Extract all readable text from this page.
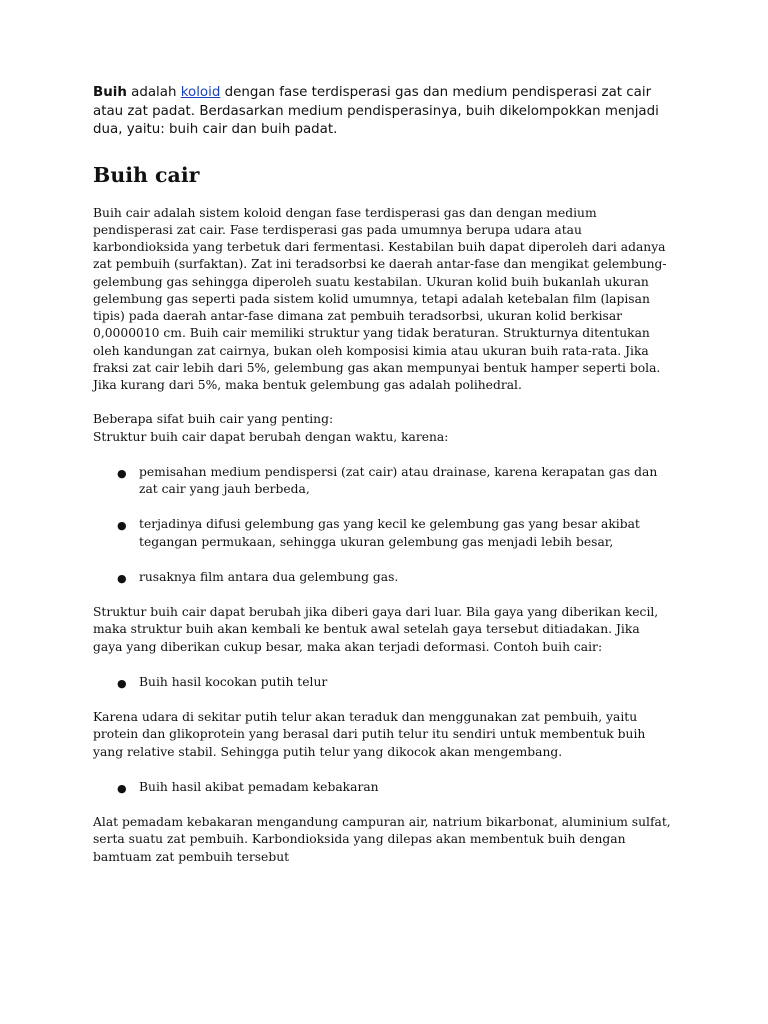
Buih adalah koloid dengan fase terdisperasi gas dan medium pendisperasi zat cair atau zat padat. Berdasarkan medium pendisperasinya, buih dikelompokkan menjadi dua, yaitu: buih cair dan buih padat.

Buih cair

Buih cair adalah sistem koloid dengan fase terdisperasi gas dan dengan medium pendisperasi zat cair. Fase terdisperasi gas pada umumnya berupa udara atau karbondioksida yang terbetuk dari fermentasi. Kestabilan buih dapat diperoleh dari adanya zat pembuih (surfaktan). Zat ini teradsorbsi ke daerah antar-fase dan mengikat gelembung-gelembung gas sehingga diperoleh suatu kestabilan. Ukuran kolid buih bukanlah ukuran gelembung gas seperti pada sistem kolid umumnya, tetapi adalah ketebalan film (lapisan tipis) pada daerah antar-fase dimana zat pembuih teradsorbsi, ukuran kolid berkisar 0,0000010 cm. Buih cair memiliki struktur yang tidak beraturan. Strukturnya ditentukan oleh kandungan zat cairnya, bukan oleh komposisi kimia atau ukuran buih rata-rata. Jika fraksi zat cair lebih dari 5%, gelembung gas akan mempunyai bentuk hamper seperti bola. Jika kurang dari 5%, maka bentuk gelembung gas adalah polihedral.

Beberapa sifat buih cair yang penting:

Struktur buih cair dapat berubah dengan waktu, karena:

● pemisahan medium pendispersi (zat cair) atau drainase, karena kerapatan gas dan zat cair yang jauh berbeda,
● terjadinya difusi gelembung gas yang kecil ke gelembung gas yang besar akibat tegangan permukaan, sehingga ukuran gelembung gas menjadi lebih besar,
● rusaknya film antara dua gelembung gas.

Struktur buih cair dapat berubah jika diberi gaya dari luar. Bila gaya yang diberikan kecil, maka struktur buih akan kembali ke bentuk awal setelah gaya tersebut ditiadakan. Jika gaya yang diberikan cukup besar, maka akan terjadi deformasi. Contoh buih cair:

● Buih hasil kocokan putih telur

Karena udara di sekitar putih telur akan teraduk dan menggunakan zat pembuih, yaitu protein dan glikoprotein yang berasal dari putih telur itu sendiri untuk membentuk buih yang relative stabil. Sehingga putih telur yang dikocok akan mengembang.

● Buih hasil akibat pemadam kebakaran

Alat pemadam kebakaran mengandung campuran air, natrium bikarbonat, aluminium sulfat, serta suatu zat pembuih. Karbondioksida yang dilepas akan membentuk buih dengan bamtuam zat pembuih tersebut
